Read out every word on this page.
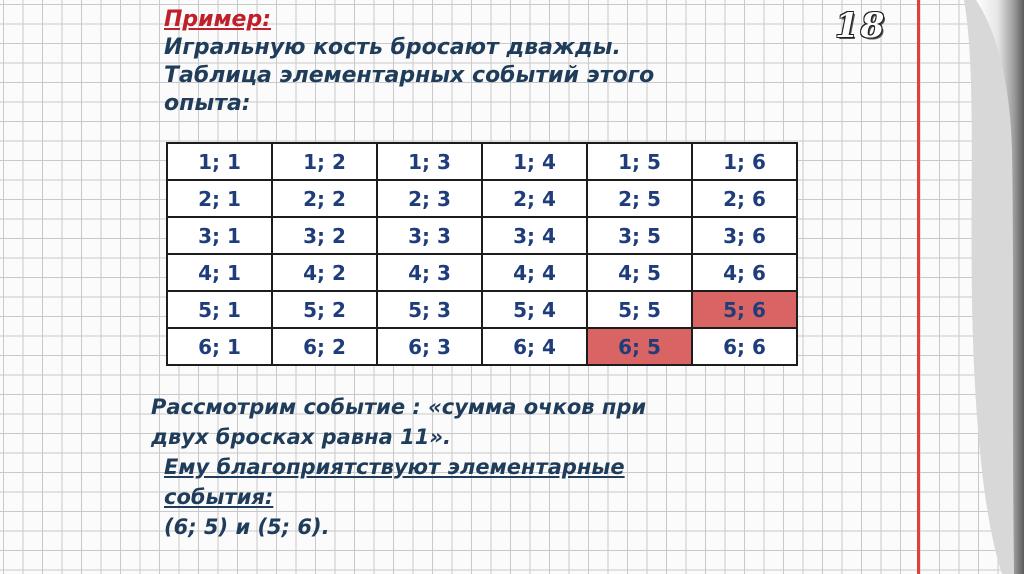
18
Пример:
Игральную кость бросают дважды.
Таблица элементарных событий этого
опыта:
1; 1	1; 2	1; 3	1; 4	1; 5	1; 6
2; 1	2; 2	2; 3	2; 4	2; 5	2; 6
3; 1	3; 2	3; 3	3; 4	3; 5	3; 6
4; 1	4; 2	4; 3	4; 4	4; 5	4; 6
5; 1	5; 2	5; 3	5; 4	5; 5	5; 6
6; 1	6; 2	6; 3	6; 4	6; 5	6; 6
Рассмотрим событие : «сумма очков при
двух бросках равна 11».
Ему благоприятствуют элементарные
события:
(6; 5) и (5; 6).
